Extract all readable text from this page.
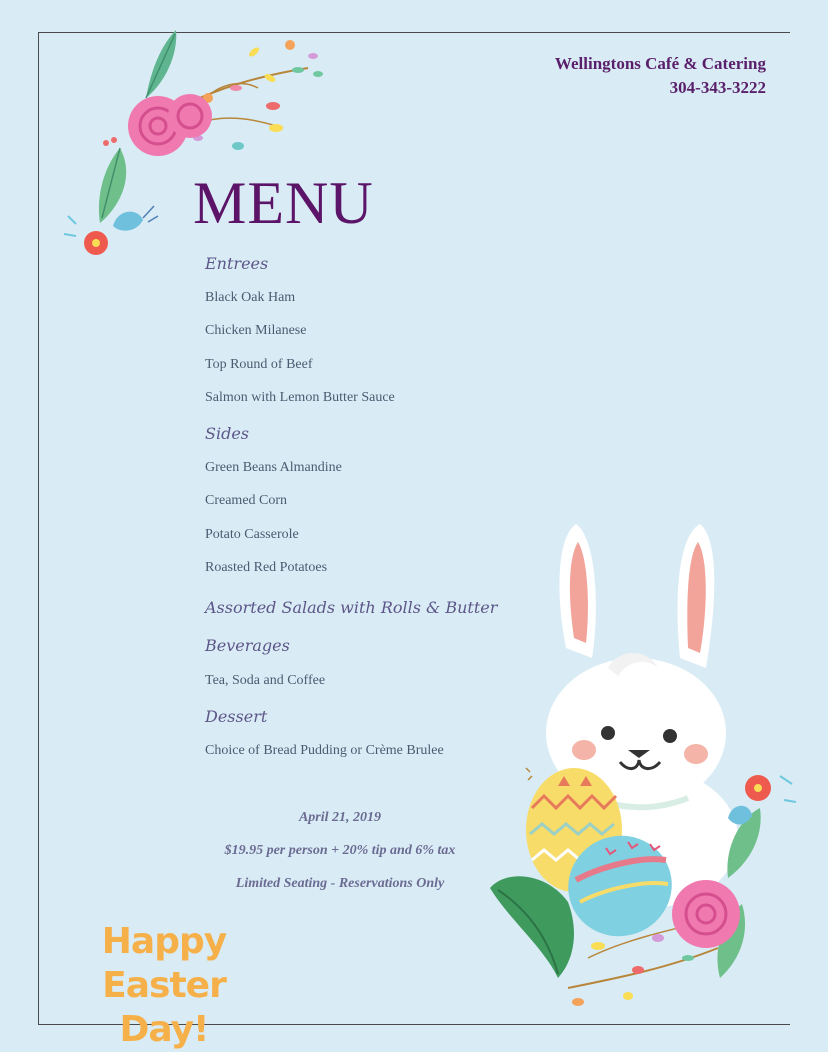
Wellingtons Café & Catering
304-343-3222
MENU
Entrees
Black Oak Ham
Chicken Milanese
Top Round of Beef
Salmon with Lemon Butter Sauce
Sides
Green Beans Almandine
Creamed Corn
Potato Casserole
Roasted Red Potatoes
Assorted Salads with Rolls & Butter
Beverages
Tea, Soda and Coffee
Dessert
Choice of Bread Pudding or Crème Brulee
April 21, 2019
$19.95 per person + 20% tip and 6% tax
Limited Seating - Reservations Only
Happy Easter
Day!
